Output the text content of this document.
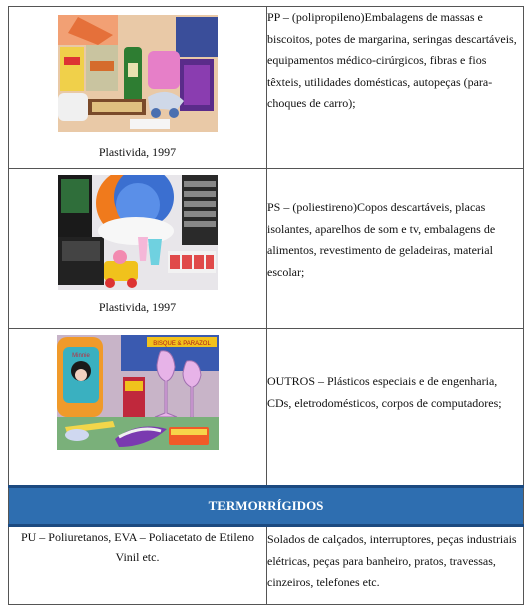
Plastivida, 1997	PP – (polipropileno)Embalagens de massas e biscoitos, potes de margarina, seringas descartáveis, equipamentos médico-cirúrgicos, fibras e fios têxteis, utilidades domésticas, autopeças (para-choques de carro);

Plastivida, 1997	PS – (poliestireno)Copos descartáveis, placas isolantes, aparelhos de som e tv, embalagens de alimentos, revestimento de geladeiras, material escolar;

BISQUE & PARAZOL
Minnie	OUTROS – Plásticos especiais e de engenharia, CDs, eletrodomésticos, corpos de computadores;
TERMORRÍGIDOS	
PU – Poliuretanos, EVA – Poliacetato de Etileno Vinil etc.	Solados de calçados, interruptores, peças industriais elétricas, peças para banheiro, pratos, travessas, cinzeiros, telefones etc.
